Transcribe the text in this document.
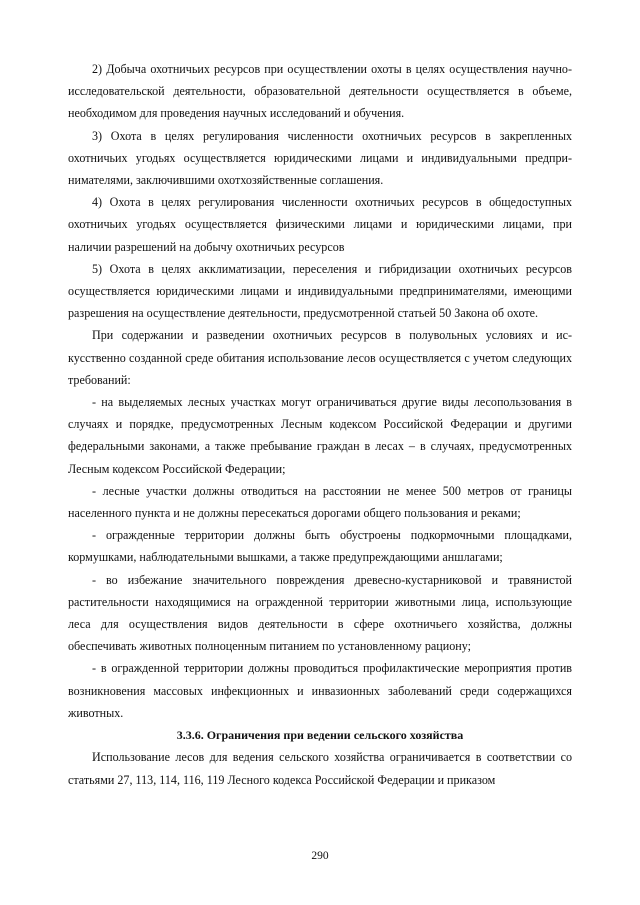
2) Добыча охотничьих ресурсов при осуществлении охоты в целях осуществления научно-исследовательской деятельности, образовательной деятельности осуществляется в объеме, необходимом для проведения научных исследований и обучения.

3) Охота в целях регулирования численности охотничьих ресурсов в закрепленных охотничьих угодьях осуществляется юридическими лицами и индивидуальными предпринимателями, заключившими охотхозяйственные соглашения.

4) Охота в целях регулирования численности охотничьих ресурсов в общедоступных охотничьих угодьях осуществляется физическими лицами и юридическими лицами, при наличии разрешений на добычу охотничьих ресурсов

5) Охота в целях акклиматизации, переселения и гибридизации охотничьих ресурсов осуществляется юридическими лицами и индивидуальными предпринимателями, имеющими разрешения на осуществление деятельности, предусмотренной статьей 50 Закона об охоте.

При содержании и разведении охотничьих ресурсов в полувольных условиях и искусственно созданной среде обитания использование лесов осуществляется с учетом следующих требований:

- на выделяемых лесных участках могут ограничиваться другие виды лесопользования в случаях и порядке, предусмотренных Лесным кодексом Российской Федерации и другими федеральными законами, а также пребывание граждан в лесах – в случаях, предусмотренных Лесным кодексом Российской Федерации;

- лесные участки должны отводиться на расстоянии не менее 500 метров от границы населенного пункта и не должны пересекаться дорогами общего пользования и реками;

- огражденные территории должны быть обустроены подкормочными площадками, кормушками, наблюдательными вышками, а также предупреждающими аншлагами;

- во избежание значительного повреждения древесно-кустарниковой и травянистой растительности находящимися на огражденной территории животными лица, использующие леса для осуществления видов деятельности в сфере охотничьего хозяйства, должны обеспечивать животных полноценным питанием по установленному рациону;

- в огражденной территории должны проводиться профилактические мероприятия против возникновения массовых инфекционных и инвазионных заболеваний среди содержащихся животных.

3.3.6. Ограничения при ведении сельского хозяйства

Использование лесов для ведения сельского хозяйства ограничивается в соответствии со статьями 27, 113, 114, 116, 119 Лесного кодекса Российской Федерации и приказом

290
